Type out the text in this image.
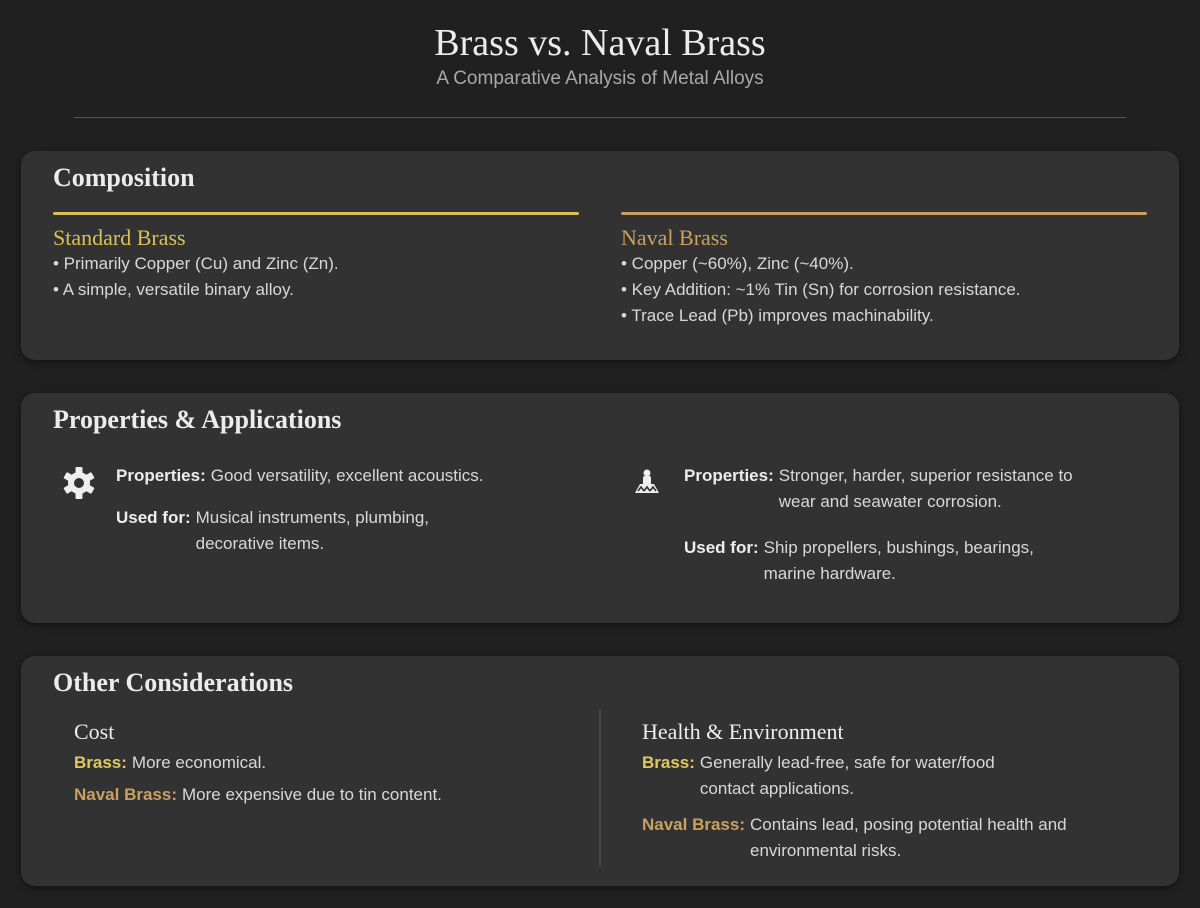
Brass vs. Naval Brass
A Comparative Analysis of Metal Alloys
Composition
Standard Brass
• Primarily Copper (Cu) and Zinc (Zn).
• A simple, versatile binary alloy.
Naval Brass
• Copper (~60%), Zinc (~40%).
• Key Addition: ~1% Tin (Sn) for corrosion resistance.
• Trace Lead (Pb) improves machinability.
Properties & Applications
Properties: Good versatility, excellent acoustics.
Used for: Musical instruments, plumbing, decorative items.
Properties: Stronger, harder, superior resistance to wear and seawater corrosion.
Used for: Ship propellers, bushings, bearings, marine hardware.
Other Considerations
Cost
Brass: More economical.
Naval Brass: More expensive due to tin content.
Health & Environment
Brass: Generally lead-free, safe for water/food contact applications.
Naval Brass: Contains lead, posing potential health and environmental risks.
